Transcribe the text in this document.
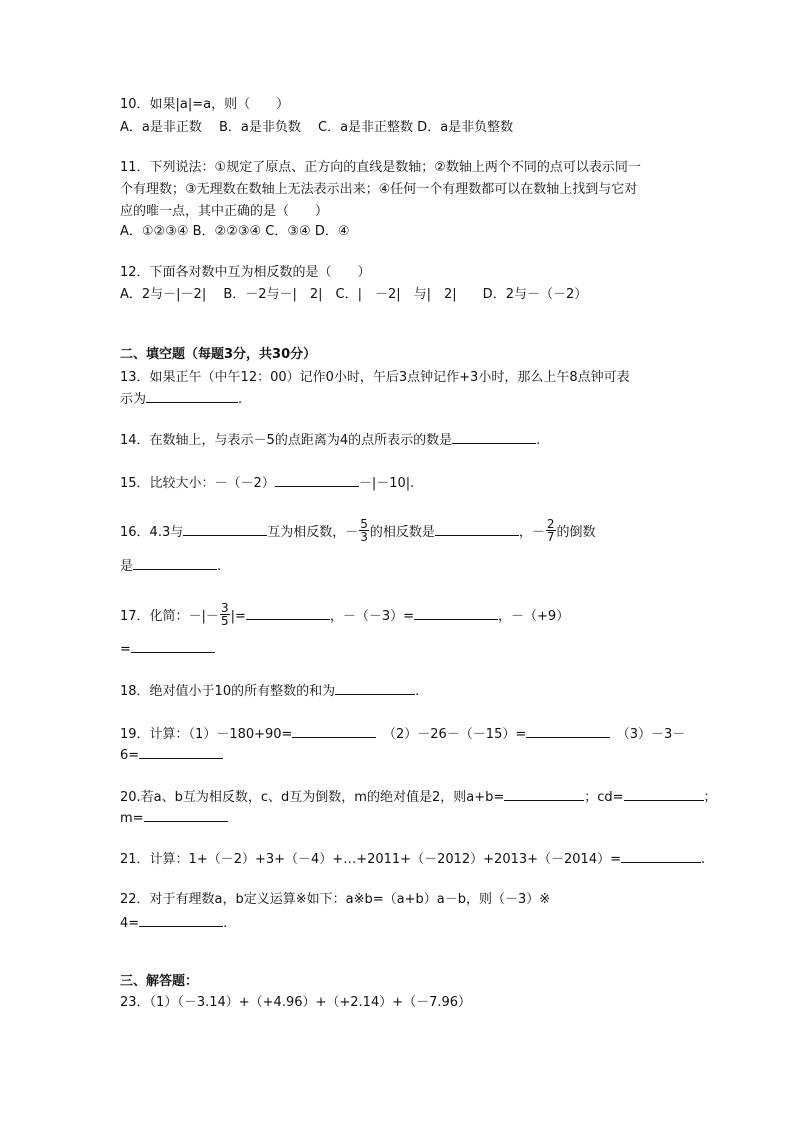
10．如果|a|=a，则（　　）
A．a是非正数　 B．a是非负数　 C．a是非正整数 D．a是非负整数
11．下列说法：①规定了原点、正方向的直线是数轴；②数轴上两个不同的点可以表示同一
个有理数；③无理数在数轴上无法表示出来；④任何一个有理数都可以在数轴上找到与它对
应的唯一点，其中正确的是（　　）
A．①②③④ B．②②③④ C．③④ D．④
12．下面各对数中互为相反数的是（　　）
A．2与－|－2|　 B．－2与－|　2|　C．|　－2|　与|　2|　　D．2与－（－2）
二、填空题（每题3分，共30分）
13．如果正午（中午12：00）记作0小时，午后3点钟记作+3小时，那么上午8点钟可表
示为	.
14．在数轴上，与表示－5的点距离为4的点所表示的数是	.
15．比较大小：－（－2）	－|－10|.
16．4.3与	互为相反数，－ $\frac{5}{3}$ 的相反数是	，－ $\frac{2}{7}$ 的倒数
是	.
17．化简：－|－ $\frac{3}{5}$ |=	，－（－3）=	，－（+9）
=
18．绝对值小于10的所有整数的和为	.
19．计算：（1）－180+90=　	（2）－26－（－15）=　	（3）－3－
6=
20.若a、b互为相反数，c、d互为倒数，m的绝对值是2，则a+b=	；cd=	；
m=
21．计算：1+（－2）+3+（－4）+…+2011+（－2012）+2013+（－2014）=	.
22．对于有理数a，b定义运算※如下：a※b=（a+b）a－b，则（－3）※
4=	.
三、解答题：
23．（1）（－3.14）+（+4.96）+（+2.14）+（－7.96）
